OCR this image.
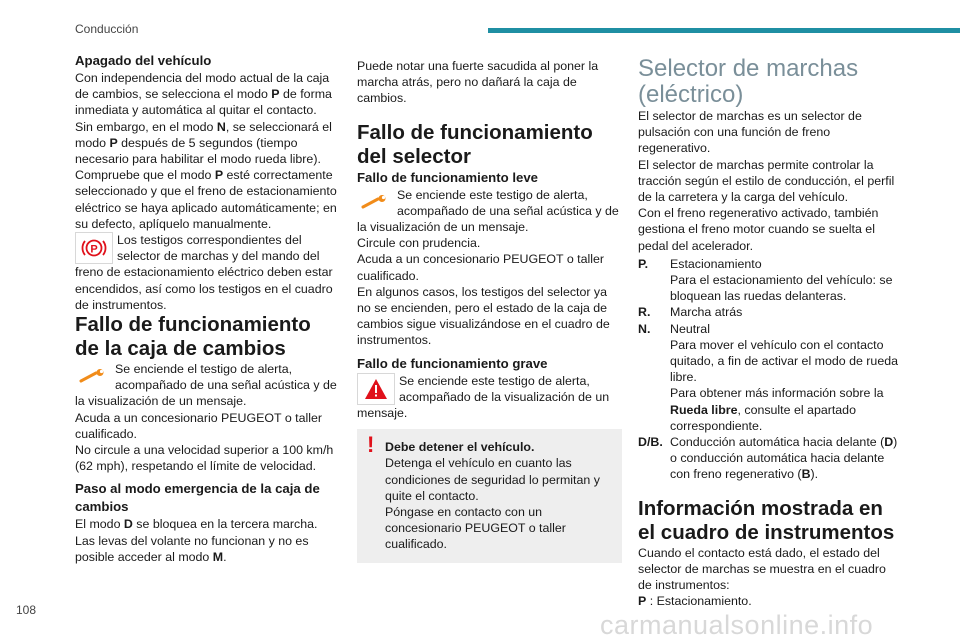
Conducción

Apagado del vehículo

Con independencia del modo actual de la caja de cambios, se selecciona el modo P de forma inmediata y automática al quitar el contacto.

Sin embargo, en el modo N, se seleccionará el modo P después de 5 segundos (tiempo necesario para habilitar el modo rueda libre).

Compruebe que el modo P esté correctamente seleccionado y que el freno de estacionamiento eléctrico se haya aplicado automáticamente; en su defecto, aplíquelo manualmente.

P

Los testigos correspondientes del selector de marchas y del mando del freno de estacionamiento eléctrico deben estar encendidos, así como los testigos en el cuadro de instrumentos.

Fallo de funcionamiento de la caja de cambios

Se enciende el testigo de alerta, acompañado de una señal acústica y de la visualización de un mensaje.

Acuda a un concesionario PEUGEOT o taller cualificado.

No circule a una velocidad superior a 100 km/h (62 mph), respetando el límite de velocidad.

Paso al modo emergencia de la caja de cambios

El modo D se bloquea en la tercera marcha.

Las levas del volante no funcionan y no es posible acceder al modo M.

Puede notar una fuerte sacudida al poner la marcha atrás, pero no dañará la caja de cambios.

Fallo de funcionamiento del selector

Fallo de funcionamiento leve

Se enciende este testigo de alerta, acompañado de una señal acústica y de la visualización de un mensaje.

Circule con prudencia.

Acuda a un concesionario PEUGEOT o taller cualificado.

En algunos casos, los testigos del selector ya no se encienden, pero el estado de la caja de cambios sigue visualizándose en el cuadro de instrumentos.

Fallo de funcionamiento grave

Se enciende este testigo de alerta, acompañado de la visualización de un mensaje.

! Debe detener el vehículo.

Detenga el vehículo en cuanto las condiciones de seguridad lo permitan y quite el contacto.

Póngase en contacto con un concesionario PEUGEOT o taller cualificado.

Selector de marchas (eléctrico)

El selector de marchas es un selector de pulsación con una función de freno regenerativo.

El selector de marchas permite controlar la tracción según el estilo de conducción, el perfil de la carretera y la carga del vehículo.

Con el freno regenerativo activado, también gestiona el freno motor cuando se suelta el pedal del acelerador.

P.	Estacionamiento
Para el estacionamiento del vehículo: se bloquean las ruedas delanteras.
R.	Marcha atrás
N.	Neutral
Para mover el vehículo con el contacto quitado, a fin de activar el modo de rueda libre.
Para obtener más información sobre la Rueda libre, consulte el apartado correspondiente.
D/B. Conducción automática hacia delante (D) o conducción automática hacia delante con freno regenerativo (B).

Información mostrada en el cuadro de instrumentos

Cuando el contacto está dado, el estado del selector de marchas se muestra en el cuadro de instrumentos:

P : Estacionamiento.

108	carmanualsonline.info
